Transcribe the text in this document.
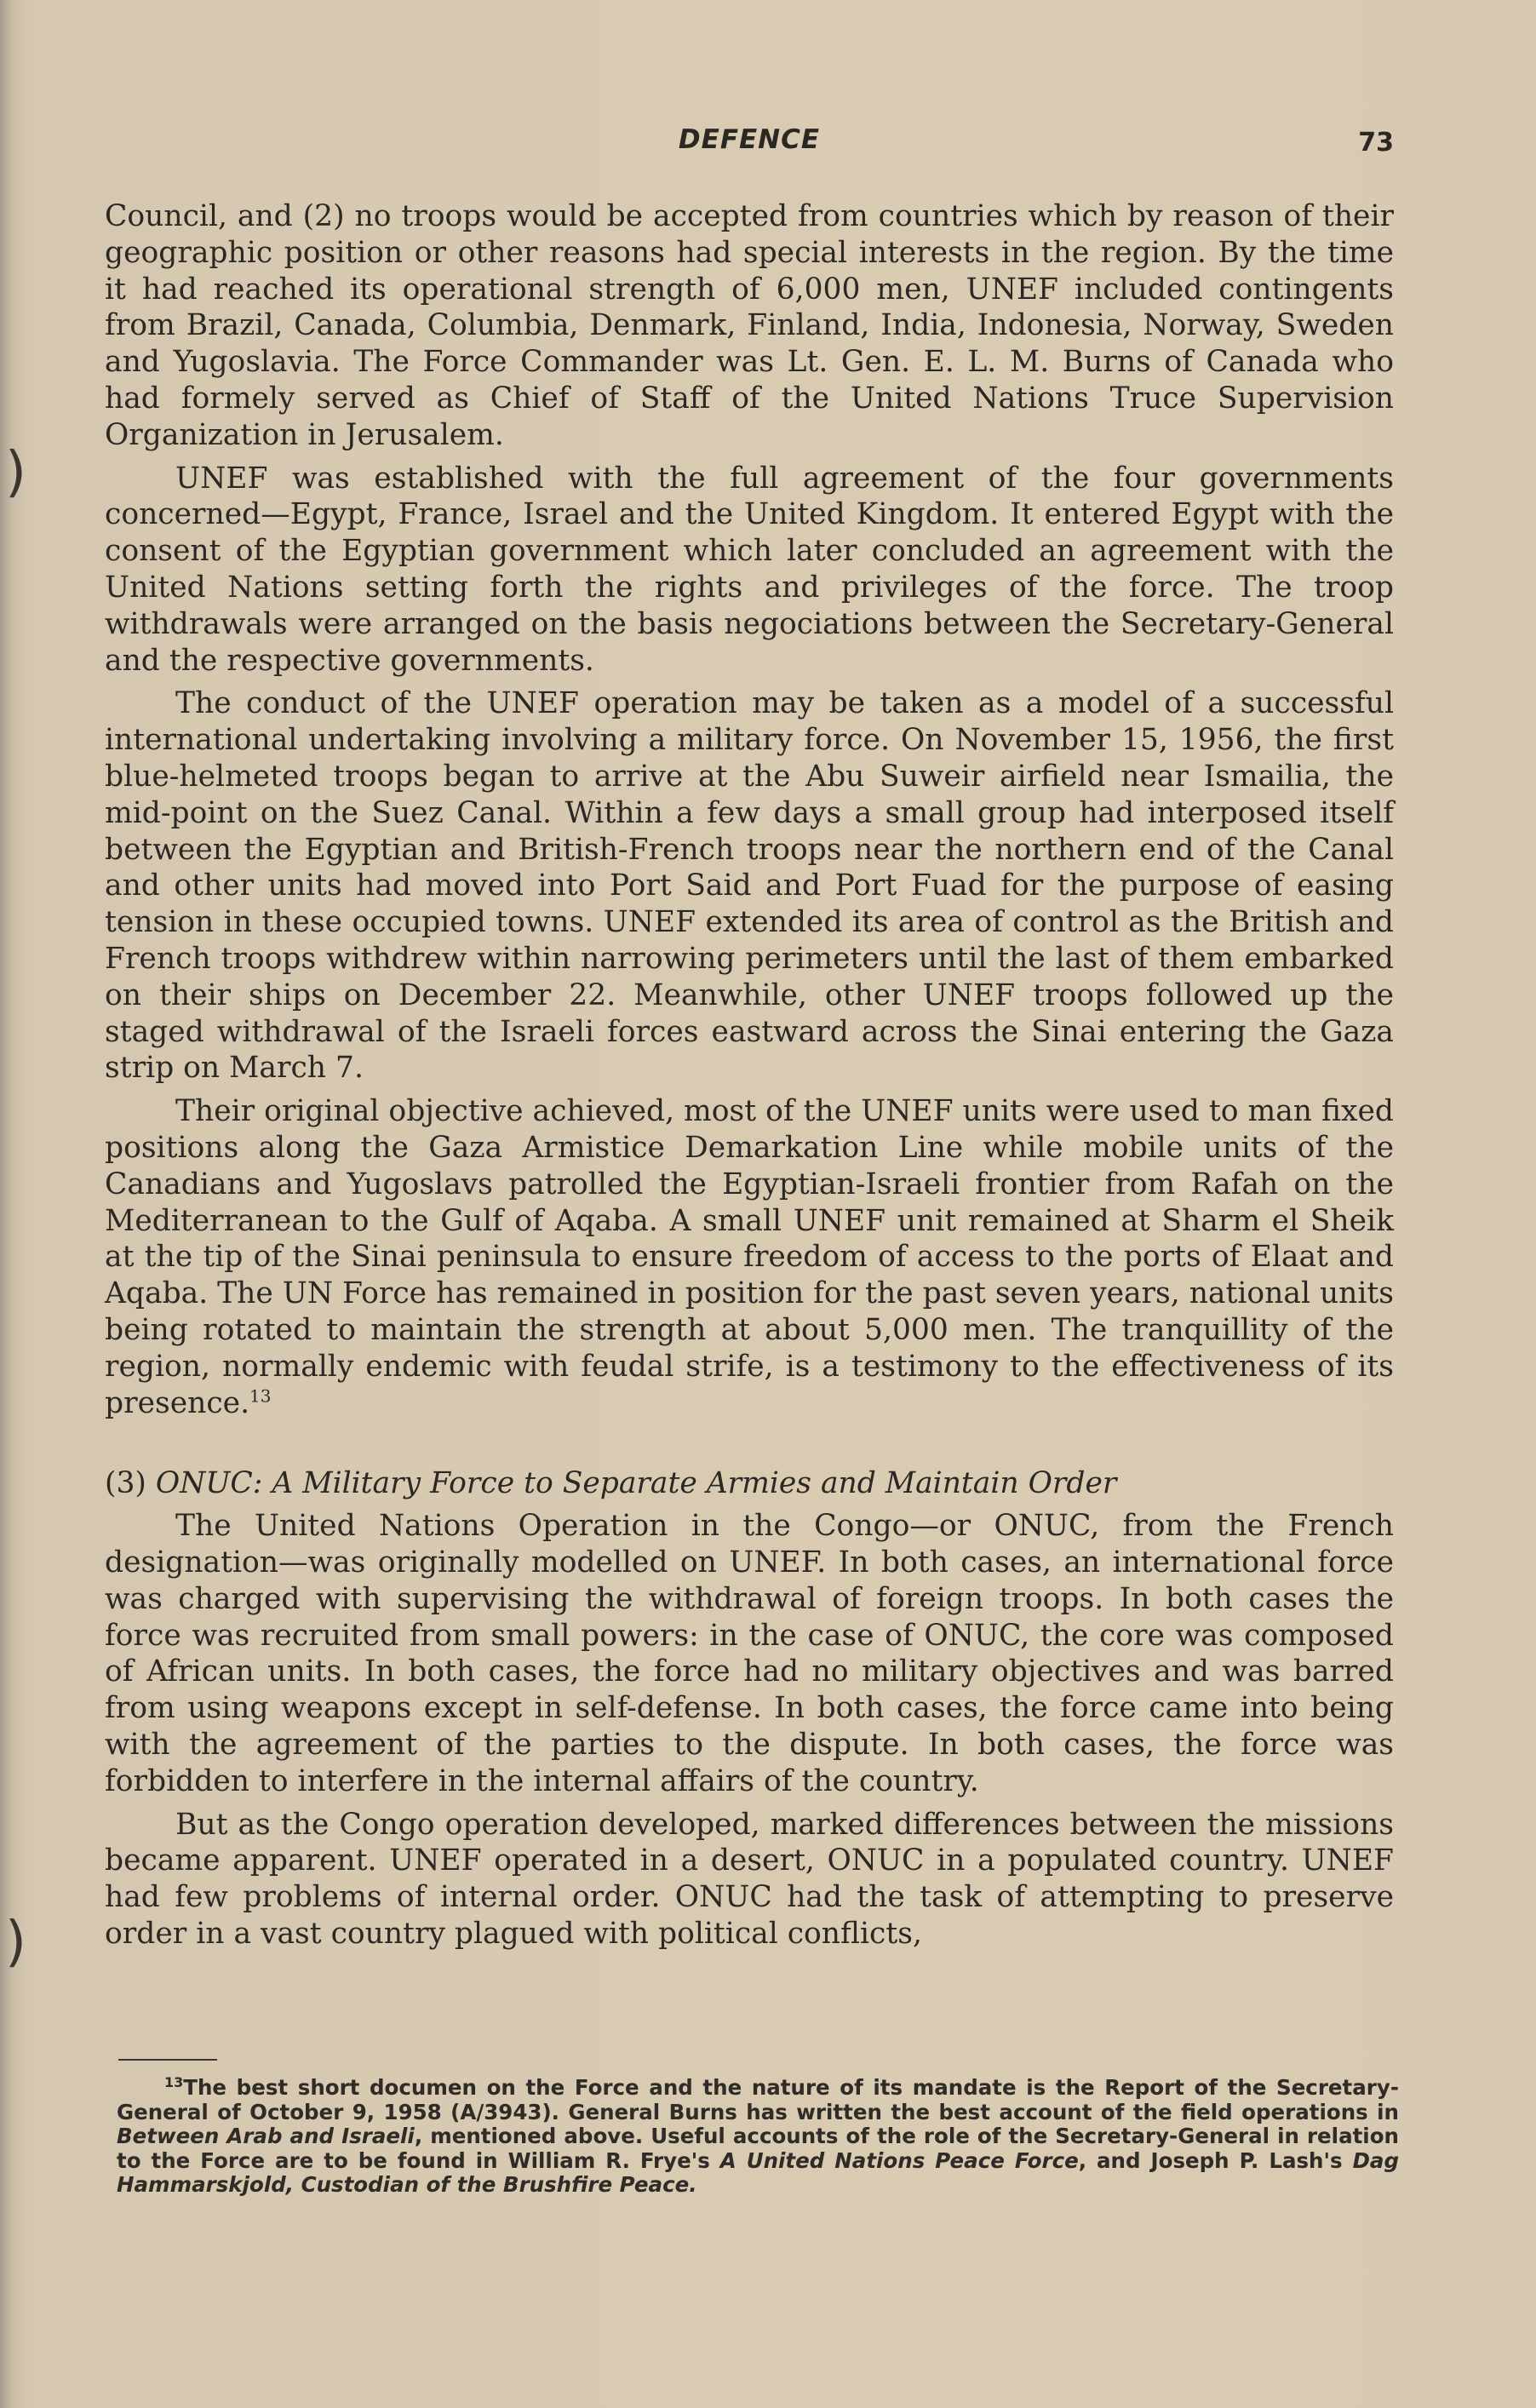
)
)
DEFENCE	73

Council, and (2) no troops would be accepted from countries which by reason of their geographic position or other reasons had special interests in the region. By the time it had reached its operational strength of 6,000 men, UNEF included contingents from Brazil, Canada, Columbia, Denmark, Finland, India, Indonesia, Norway, Sweden and Yugoslavia. The Force Commander was Lt. Gen. E. L. M. Burns of Canada who had formely served as Chief of Staff of the United Nations Truce Supervision Organization in Jerusalem.

UNEF was established with the full agreement of the four governments concerned—Egypt, France, Israel and the United Kingdom. It entered Egypt with the consent of the Egyptian government which later concluded an agreement with the United Nations setting forth the rights and privileges of the force. The troop withdrawals were arranged on the basis negociations between the Secretary-General and the respective governments.

The conduct of the UNEF operation may be taken as a model of a successful international undertaking involving a military force. On November 15, 1956, the first blue-helmeted troops began to arrive at the Abu Suweir airfield near Ismailia, the mid-point on the Suez Canal. Within a few days a small group had interposed itself between the Egyptian and British-French troops near the northern end of the Canal and other units had moved into Port Said and Port Fuad for the purpose of easing tension in these occupied towns. UNEF extended its area of control as the British and French troops withdrew within narrowing perimeters until the last of them embarked on their ships on December 22. Meanwhile, other UNEF troops followed up the staged withdrawal of the Israeli forces eastward across the Sinai entering the Gaza strip on March 7.

Their original objective achieved, most of the UNEF units were used to man fixed positions along the Gaza Armistice Demarkation Line while mobile units of the Canadians and Yugoslavs patrolled the Egyptian-Israeli frontier from Rafah on the Mediterranean to the Gulf of Aqaba. A small UNEF unit remained at Sharm el Sheik at the tip of the Sinai peninsula to ensure freedom of access to the ports of Elaat and Aqaba. The UN Force has remained in position for the past seven years, national units being rotated to maintain the strength at about 5,000 men. The tranquillity of the region, normally endemic with feudal strife, is a testimony to the effectiveness of its presence.$^{13}$

(3) ONUC: A Military Force to Separate Armies and Maintain Order

The United Nations Operation in the Congo—or ONUC, from the French designation—was originally modelled on UNEF. In both cases, an international force was charged with supervising the withdrawal of foreign troops. In both cases the force was recruited from small powers: in the case of ONUC, the core was composed of African units. In both cases, the force had no military objectives and was barred from using weapons except in self-defense. In both cases, the force came into being with the agreement of the parties to the dispute. In both cases, the force was forbidden to interfere in the internal affairs of the country.

But as the Congo operation developed, marked differences between the missions became apparent. UNEF operated in a desert, ONUC in a populated country. UNEF had few problems of internal order. ONUC had the task of attempting to preserve order in a vast country plagued with political conflicts,

$^{13}$The best short documen on the Force and the nature of its mandate is the Report of the Secretary-General of October 9, 1958 (A/3943). General Burns has written the best account of the field operations in Between Arab and Israeli, mentioned above. Useful accounts of the role of the Secretary-General in relation to the Force are to be found in William R. Frye's A United Nations Peace Force, and Joseph P. Lash's Dag Hammarskjold, Custodian of the Brushfire Peace.
